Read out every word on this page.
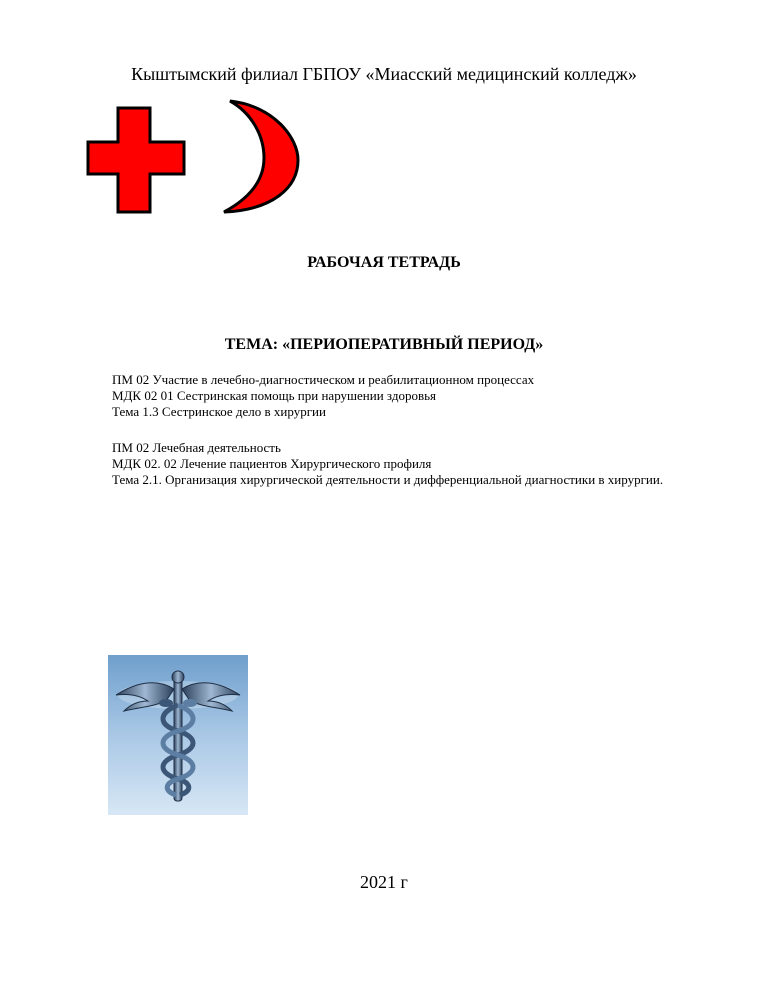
Кыштымский филиал ГБПОУ «Миасский медицинский колледж»
РАБОЧАЯ ТЕТРАДЬ
ТЕМА: «ПЕРИОПЕРАТИВНЫЙ ПЕРИОД»
ПМ 02 Участие в лечебно-диагностическом и реабилитационном процессах
МДК 02 01 Сестринская помощь при нарушении здоровья
Тема 1.3 Сестринское дело в хирургии
ПМ 02 Лечебная деятельность
МДК 02. 02 Лечение пациентов Хирургического профиля
Тема 2.1. Организация хирургической деятельности и дифференциальной диагностики в хирургии.
2021 г
